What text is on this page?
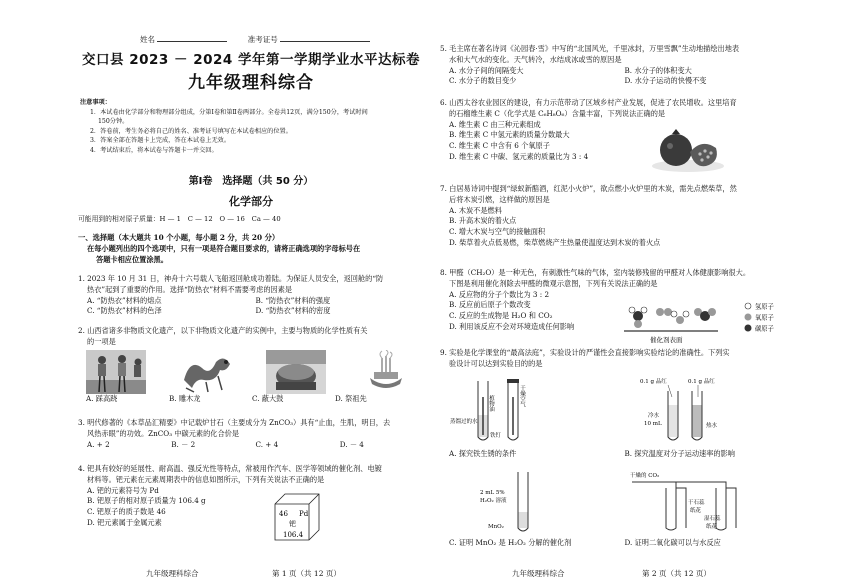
姓名	准考证号
交口县 2023 － 2024 学年第一学期学业水平达标卷
九年级理科综合

注意事项：

1．本试卷由化学部分和物理部分组成，分第Ⅰ卷和第Ⅱ卷两部分。全卷共12页，满分150分，考试时间

150分钟。

2．答卷前，考生务必将自己的姓名、准考证号填写在本试卷相应的位置。

3．答案全部在答题卡上完成，答在本试卷上无效。

4．考试结束后，将本试卷与答题卡一并交回。

第Ⅰ卷　选择题（共 50 分）
化学部分
可能用到的相对原子质量：H — 1　C — 12　O — 16　Ca — 40

一、选择题（本大题共 10 个小题，每小题 2 分，共 20 分）

在每小题列出的四个选项中，只有一项是符合题目要求的，请将正确选项的字母标号在

答题卡相应位置涂黑。

1. 2023 年 10 月 31 日，神舟十六号载人飞船返回舱成功着陆。为保证人员安全，返回舱的“防

热衣”起到了重要的作用。选择“防热衣”材料不需要考虑的因素是

A. “防热衣”材料的熔点	B. “防热衣”材料的强度
C. “防热衣”材料的色泽	D. “防热衣”材料的密度

2. 山西省诸多非物质文化遗产，以下非物质文化遗产的实例中，主要与物质的化学性质有关

的一项是

A. 踩高跷	B. 雕木龙	C. 蔽大鼓	D. 祭祖先

3. 明代修著的《本草品汇精要》中记载炉甘石（主要成分为 ZnCO₃）具有“止血，生肌，明目，去

风热赤眼”的功效。ZnCO₃ 中碳元素的化合价是

A. + 2	B. － 2	C. + 4	D. － 4

4. 钯具有较好的延展性、耐高温、强反光性等特点，常被用作汽车、医学等领域的催化剂、电镀

材料等。钯元素在元素周期表中的信息如图所示，下列有关说法不正确的是

A. 钯的元素符号为 Pd

B. 钯原子的相对原子质量为 106.4 g

C. 钯原子的质子数是 46

D. 钯元素属于金属元素

46 Pd
钯
106.4

5. 毛主席在著名诗词《沁园春·雪》中写的“北国风光，千里冰封，万里雪飘”生动地描绘出地表

水和大气水的变化。天气转冷，水结成冰或雪的原因是

A. 水分子间的间隔变大	B. 水分子的体积变大
C. 水分子的数目变少	D. 水分子运动的快慢不变

6. 山西太谷农业园区的建设，有力示范带动了区域乡村产业发展，促进了农民增收。这里培育

的石榴维生素 C（化学式是 C₆H₈O₆）含量丰富，下列说法正确的是

A. 维生素 C 由三种元素组成

B. 维生素 C 中氢元素的质量分数最大

C. 维生素 C 中含有 6 个氧原子

D. 维生素 C 中碳、氢元素的质量比为 3 : 4

7. 白居易诗词中提到“绿蚁新醅酒，红泥小火炉”，欲点燃小火炉里的木炭，需先点燃柴草，然

后将木炭引燃，这样做的原因是

A. 木炭不是燃料

B. 升高木炭的着火点

C. 增大木炭与空气的接触面积

D. 柴草着火点低易燃，柴草燃烧产生热量使温度达到木炭的着火点

8. 甲醛（CH₂O）是一种无色，有刺激性气味的气体，室内装修残留的甲醛对人体健康影响很大。

下图是利用催化剂除去甲醛的微观示意图，下列有关说法正确的是

A. 反应物的分子个数比为 3 : 2

B. 反应前后原子个数改变

C. 反应的生成物是 H₂O 和 CO₂

D. 利用该反应不会对环境造成任何影响

催化剂表面
氢原子
氧原子
碳原子

9. 实验是化学课堂的“最高法庭”，实验设计的严谨性会直接影响实验结论的准确性。下列实

验设计可以达到实验目的的是

植物油	干燥空气
蒸馏过的水
铁钉
0.1 g 品红	0.1 g 品红
冷水
10 mL	热水
A. 探究铁生锈的条件	B. 探究温度对分子运动速率的影响
2 mL 5%
H₂O₂ 溶液
MnO₂
干燥的 CO₂
干石蕊
纸花
湿石蕊
纸花
C. 证明 MnO₂ 是 H₂O₂ 分解的催化剂	D. 证明二氧化碳可以与水反应
九年级理科综合	第 1 页（共 12 页）	九年级理科综合	第 2 页（共 12 页）
